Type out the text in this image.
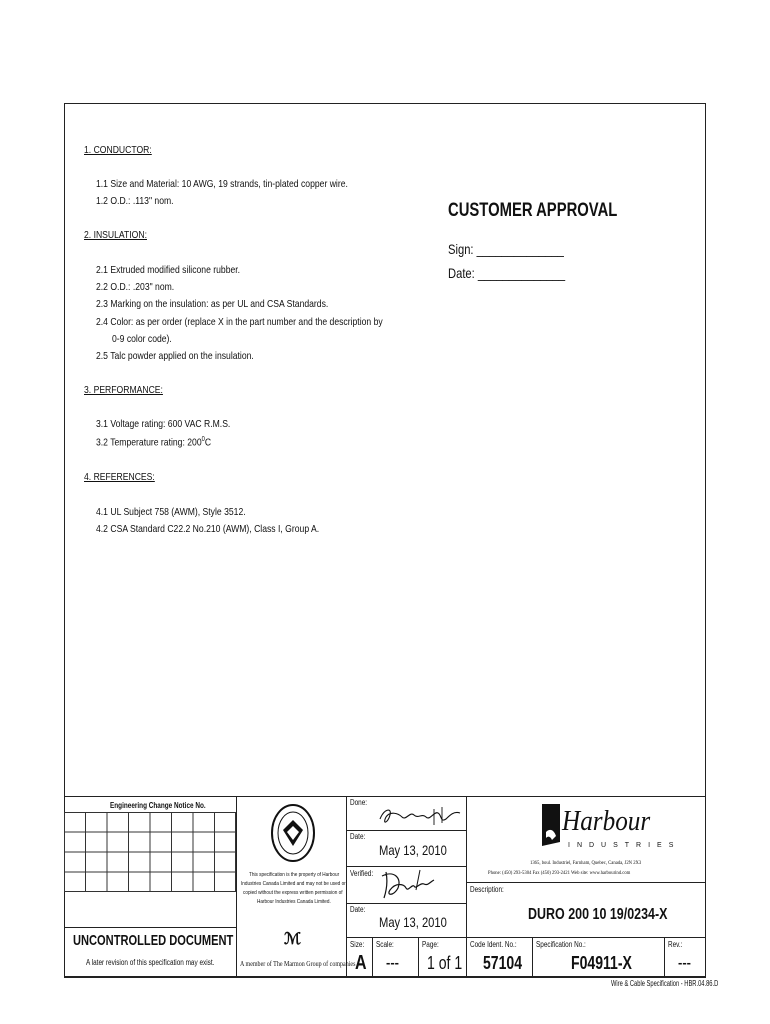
1. CONDUCTOR:
1.1 Size and Material: 10 AWG, 19 strands, tin-plated copper wire.
1.2 O.D.: .113" nom.
2. INSULATION:
2.1 Extruded modified silicone rubber.
2.2 O.D.: .203" nom.
2.3 Marking on the insulation: as per UL and CSA Standards.
2.4 Color: as per order (replace X in the part number and the description by
0-9 color code).
2.5 Talc powder applied on the insulation.
3. PERFORMANCE:
3.1 Voltage rating: 600 VAC R.M.S.
3.2 Temperature rating: $200^0C$
4. REFERENCES:
4.1 UL Subject 758 (AWM), Style 3512.
4.2 CSA Standard C22.2 No.210 (AWM), Class I, Group A.
CUSTOMER APPROVAL
Sign: ______________
Date: ______________
Engineering Change Notice No.
UNCONTROLLED DOCUMENT
A later revision of this specification may exist.
This specification is the property of Harbour
Industries Canada Limited and may not be used or
copied without the express written permission of
Harbour Industries Canada Limited.
ℳ
A member of The Marmon Group of companies
Done:
Date:
May 13, 2010
Verified:
Date:
May 13, 2010
Harbour
INDUSTRIES
1365, boul. Industriel, Farnham, Quebec, Canada, J2N 2X3
Phone: (450) 293-5304 Fax (450) 293-2421 Web site: www.harbourind.com
Description:
DURO 200 10 19/0234-X
Size:
A
Scale:
---
Page:
1 of 1
Code Ident. No.:
57104
Specification No.:
F04911-X
Rev.:
---
Wire & Cable Specification - HBR.04.86.D
